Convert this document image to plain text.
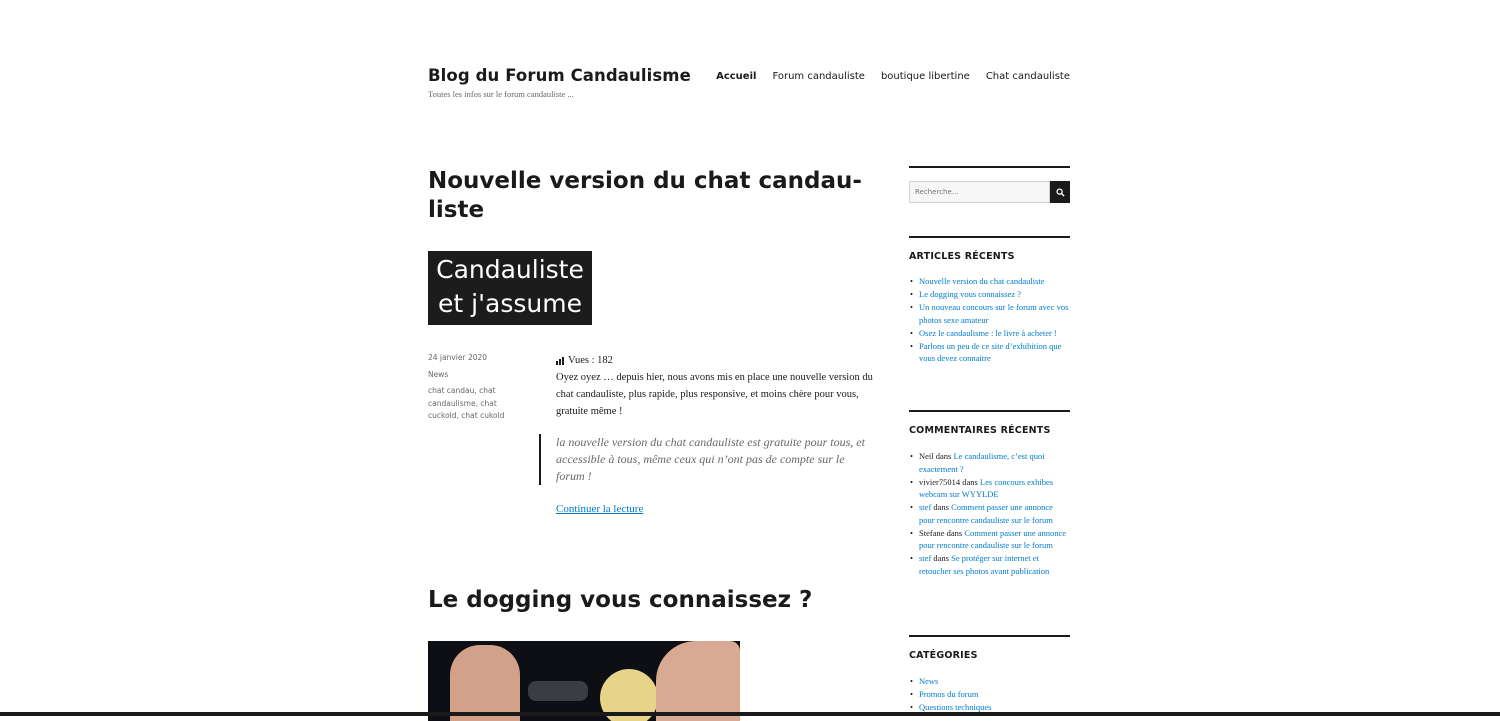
Blog du Forum Candaulisme
Toutes les infos sur le forum candauliste ...
Accueil Forum candauliste boutique libertine Chat candauliste
Nouvelle version du chat candau-liste
Candauliste
et j'assume
24 janvier 2020
News
chat candau, chat candaulisme, chat cuckold, chat cukold
Vues : 182

Oyez oyez … depuis hier, nous avons mis en place une nouvelle version du chat candauliste, plus rapide, plus responsive, et moins chère pour vous, gratuite même !

la nouvelle version du chat candauliste est gratuite pour tous, et accessible à tous, même ceux qui n’ont pas de compte sur le forum !
Continuer la lecture
Le dogging vous connaissez ?
Recherche…
ARTICLES RÉCENTS
• Nouvelle version du chat candauliste
• Le dogging vous connaissez ?
• Un nouveau concours sur le forum avec vos photos sexe amateur
• Osez le candaulisme : le livre à acheter !
• Parlons un peu de ce site d’exhibition que vous devez connaitre
COMMENTAIRES RÉCENTS
• Neil dans Le candaulisme, c’est quoi exactement ?
• vivier75014 dans Les concours exhibes webcam sur WYYLDE
• stef dans Comment passer une annonce pour rencontre candauliste sur le forum
• Stefane dans Comment passer une annonce pour rencontre candauliste sur le forum
• stef dans Se protéger sur internet et retoucher ses photos avant publication
CATÉGORIES
• News
• Promos du forum
• Questions techniques
